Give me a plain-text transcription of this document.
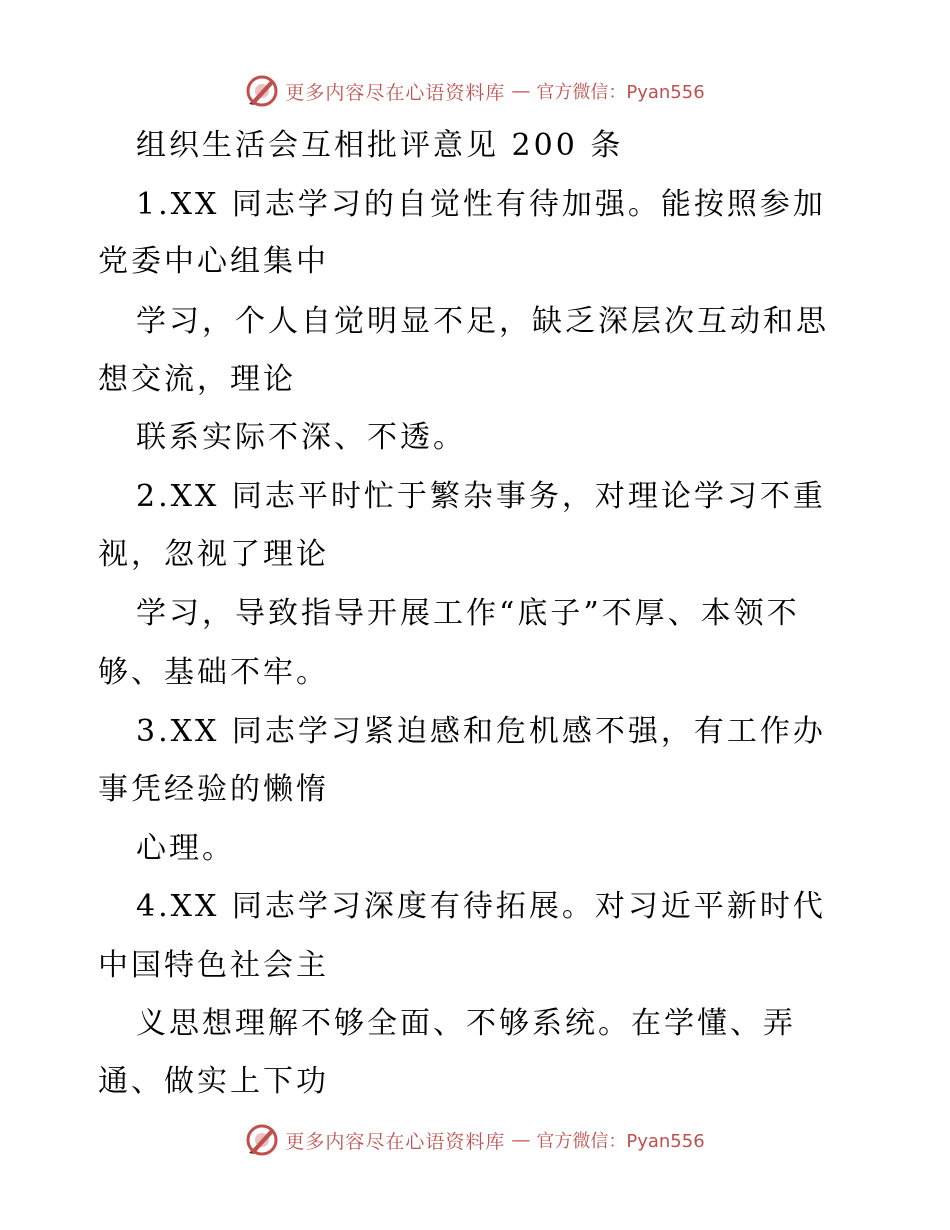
更多内容尽在心语资料库 — 官方微信：Pyan556
组织生活会互相批评意见 200 条
1.XX 同志学习的自觉性有待加强。能按照参加
党委中心组集中
学习，个人自觉明显不足，缺乏深层次互动和思
想交流，理论
联系实际不深、不透。
2.XX 同志平时忙于繁杂事务，对理论学习不重
视，忽视了理论
学习，导致指导开展工作“底子”不厚、本领不
够、基础不牢。
3.XX 同志学习紧迫感和危机感不强，有工作办
事凭经验的懒惰
心理。
4.XX 同志学习深度有待拓展。对习近平新时代
中国特色社会主
义思想理解不够全面、不够系统。在学懂、弄
通、做实上下功
更多内容尽在心语资料库 — 官方微信：Pyan556
